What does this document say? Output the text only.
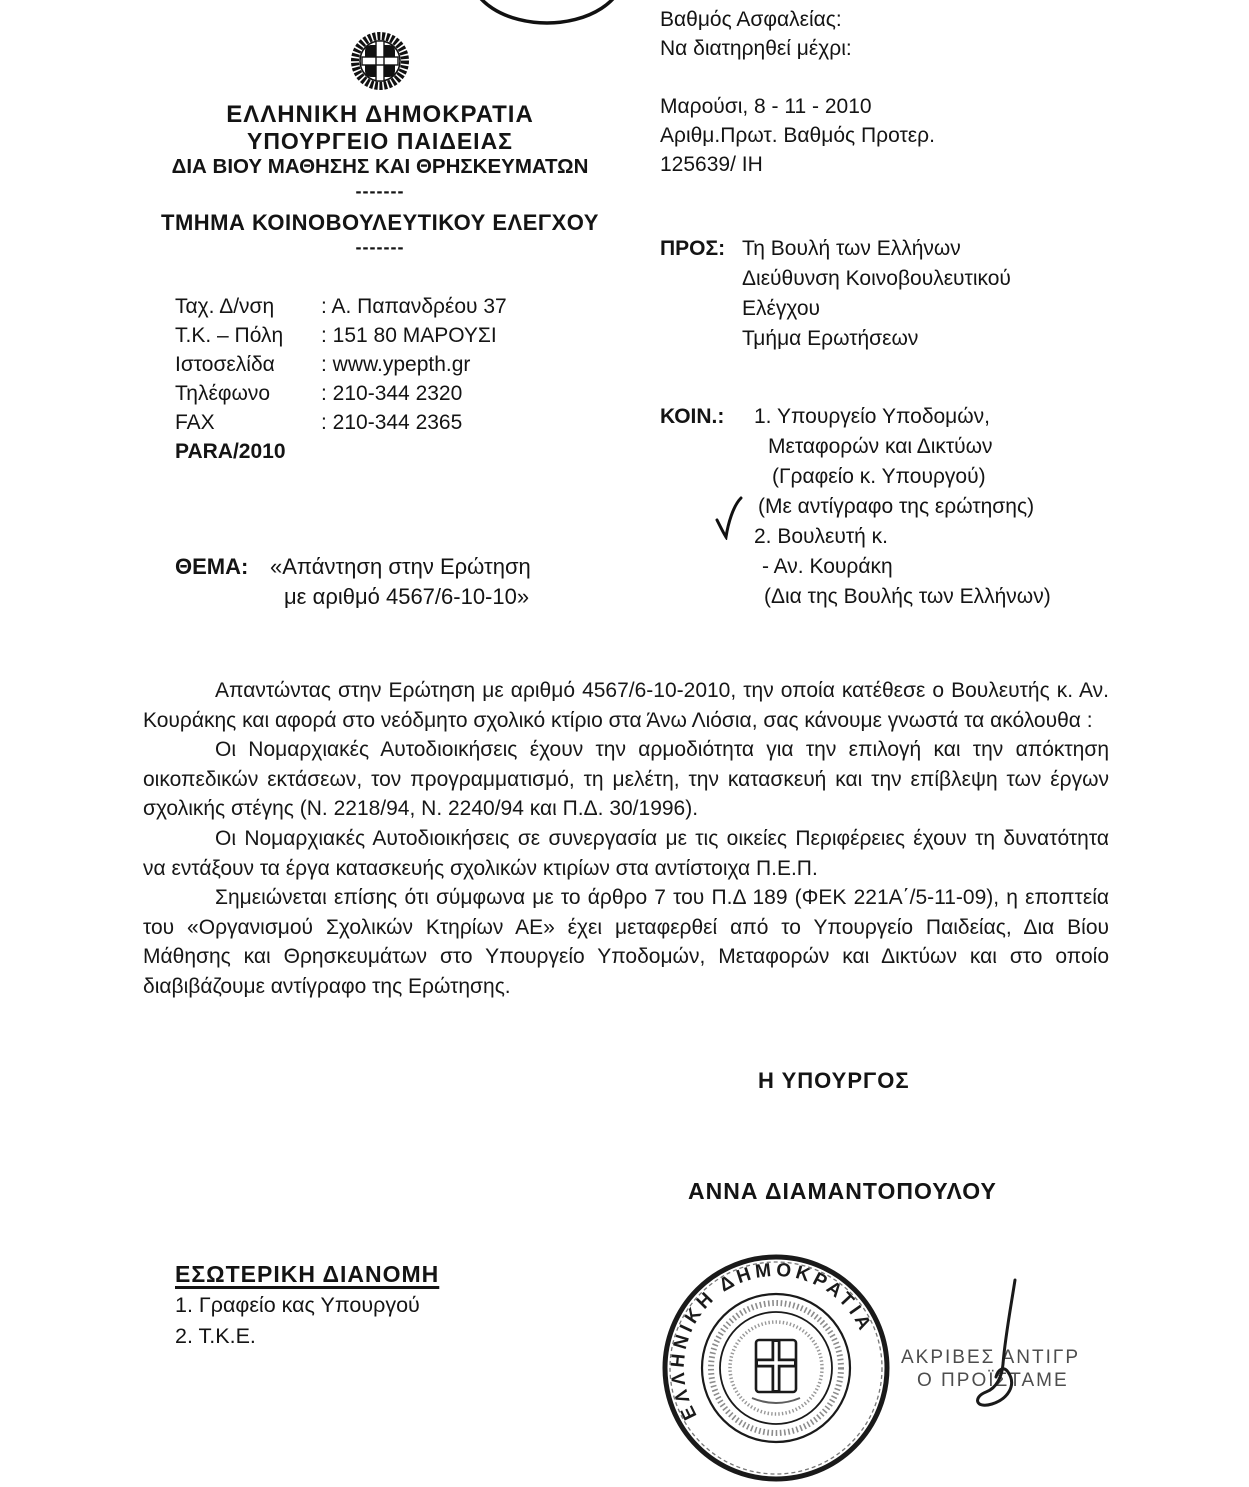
ΕΛΛΗΝΙΚΗ ΔΗΜΟΚΡΑΤΙΑ
ΥΠΟΥΡΓΕΙΟ ΠΑΙΔΕΙΑΣ
ΔΙΑ ΒΙΟΥ ΜΑΘΗΣΗΣ ΚΑΙ ΘΡΗΣΚΕΥΜΑΤΩΝ
-------
ΤΜΗΜΑ ΚΟΙΝΟΒΟΥΛΕΥΤΙΚΟΥ ΕΛΕΓΧΟΥ
-------
Ταχ. Δ/νση	: Α. Παπανδρέου 37
Τ.Κ. – Πόλη	: 151 80 ΜΑΡΟΥΣΙ
Ιστοσελίδα	: www.ypepth.gr
Τηλέφωνο	: 210-344 2320
FAX	: 210-344 2365
PARA/2010
Βαθμός Ασφαλείας:
Να διατηρηθεί μέχρι:
Μαρούσι, 8 - 11 - 2010
Αριθμ.Πρωτ. Βαθμός Προτερ.
125639/ ΙΗ
ΠΡΟΣ: Τη Βουλή των Ελλήνων
Διεύθυνση Κοινοβουλευτικού
Ελέγχου
Τμήμα Ερωτήσεων
ΚΟΙΝ.:	1. Υπουργείο Υποδομών,
Μεταφορών και Δικτύων
(Γραφείο κ. Υπουργού)
(Με αντίγραφο της ερώτησης)
2. Βουλευτή κ.
- Αν. Κουράκη
(Δια της Βουλής των Ελλήνων)
ΘΕΜΑ: «Απάντηση στην Ερώτηση
με αριθμό 4567/6-10-10»

Απαντώντας στην Ερώτηση με αριθμό 4567/6-10-2010, την οποία κατέθεσε ο Βουλευτής κ. Αν. Κουράκης και αφορά στο νεόδμητο σχολικό κτίριο στα Άνω Λιόσια, σας κάνουμε γνωστά τα ακόλουθα :

Οι Νομαρχιακές Αυτοδιοικήσεις έχουν την αρμοδιότητα για την επιλογή και την απόκτηση οικοπεδικών εκτάσεων, τον προγραμματισμό, τη μελέτη, την κατασκευή και την επίβλεψη των έργων σχολικής στέγης (Ν. 2218/94, Ν. 2240/94 και Π.Δ. 30/1996).

Οι Νομαρχιακές Αυτοδιοικήσεις σε συνεργασία με τις οικείες Περιφέρειες έχουν τη δυνατότητα να εντάξουν τα έργα κατασκευής σχολικών κτιρίων στα αντίστοιχα Π.Ε.Π.

Σημειώνεται επίσης ότι σύμφωνα με το άρθρο 7 του Π.Δ 189 (ΦΕΚ 221Α΄/5-11-09), η εποπτεία του «Οργανισμού Σχολικών Κτηρίων ΑΕ» έχει μεταφερθεί από το Υπουργείο Παιδείας, Δια Βίου Μάθησης και Θρησκευμάτων στο Υπουργείο Υποδομών, Μεταφορών και Δικτύων και στο οποίο διαβιβάζουμε αντίγραφο της Ερώτησης.

Η ΥΠΟΥΡΓΟΣ
ΑΝΝΑ ΔΙΑΜΑΝΤΟΠΟΥΛΟΥ
ΕΣΩΤΕΡΙΚΗ ΔΙΑΝΟΜΗ
1. Γραφείο κας Υπουργού
2. Τ.Κ.Ε.
ΕΛΛΗΝΙΚΗ ΔΗΜΟΚΡΑΤΙΑ
ΑΚΡΙΒΕΣ ΑΝΤΙΓΡ
Ο ΠΡΟΪΣΤΑΜΕ
